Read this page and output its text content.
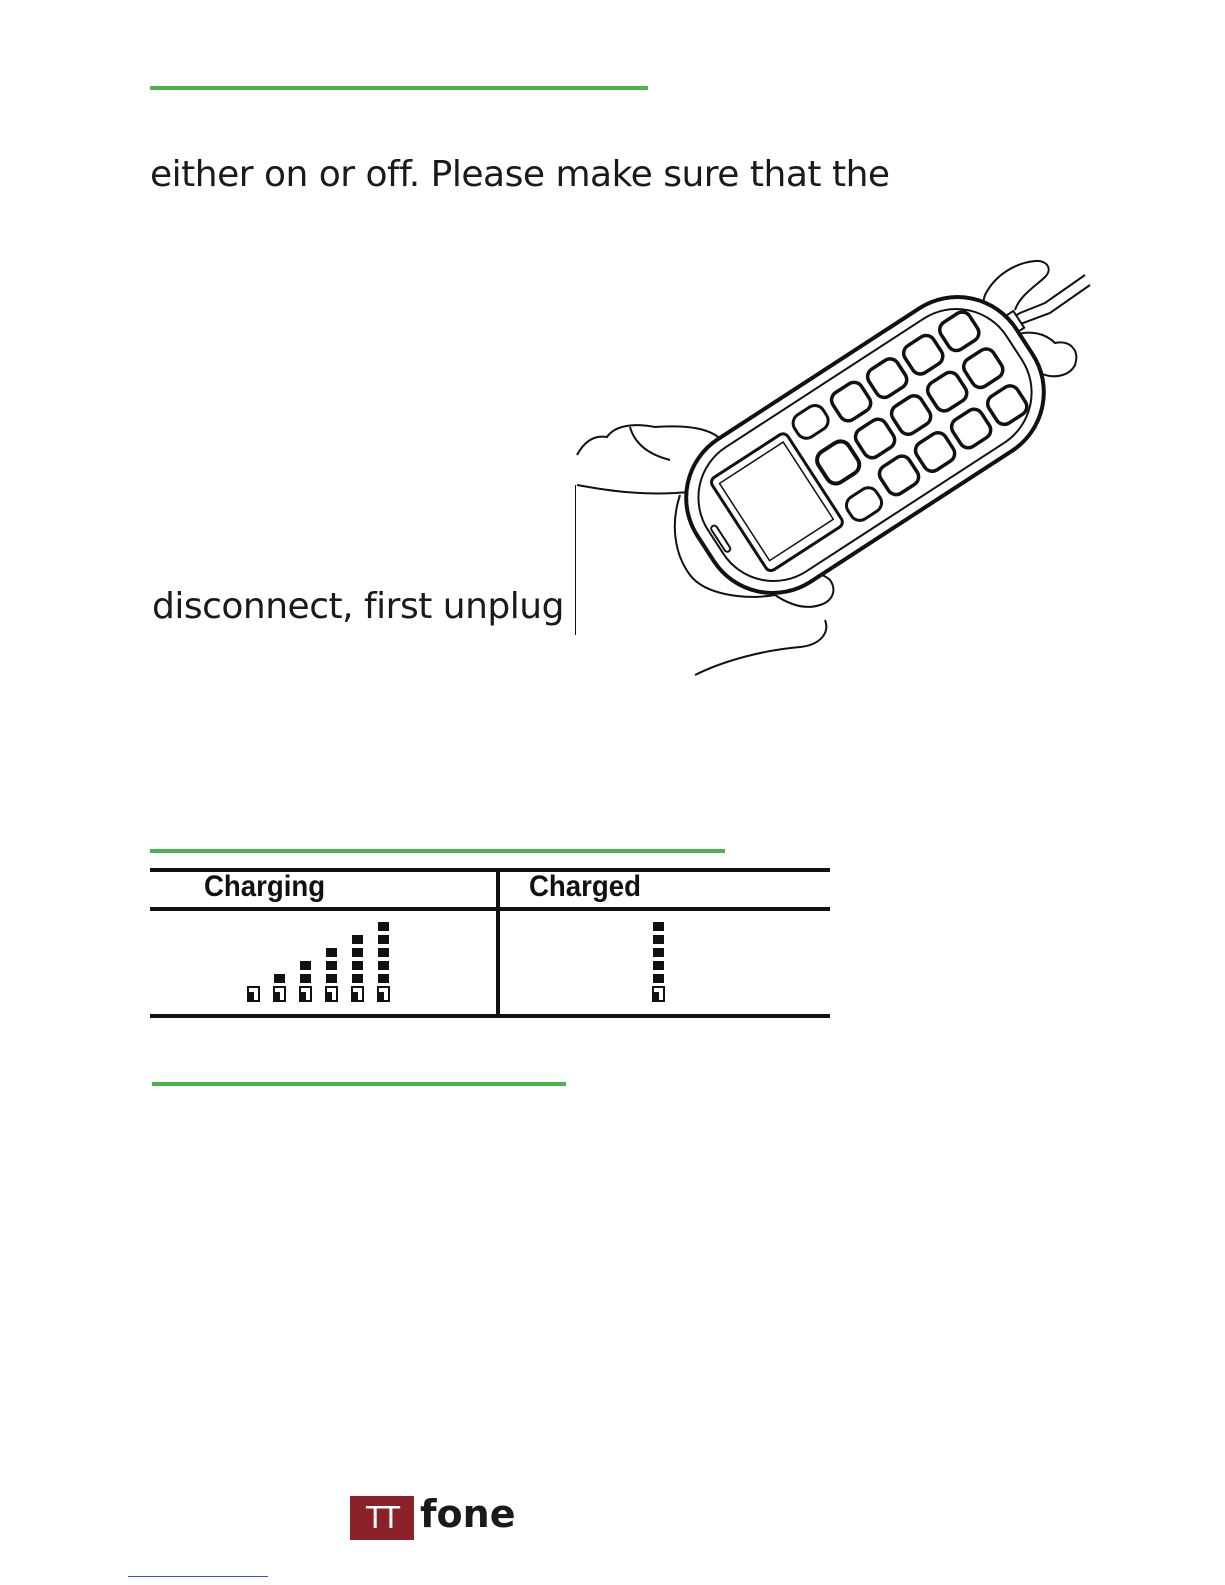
either on or off. Please make sure that the
disconnect, first unplug
Charging	Charged
TT fone
